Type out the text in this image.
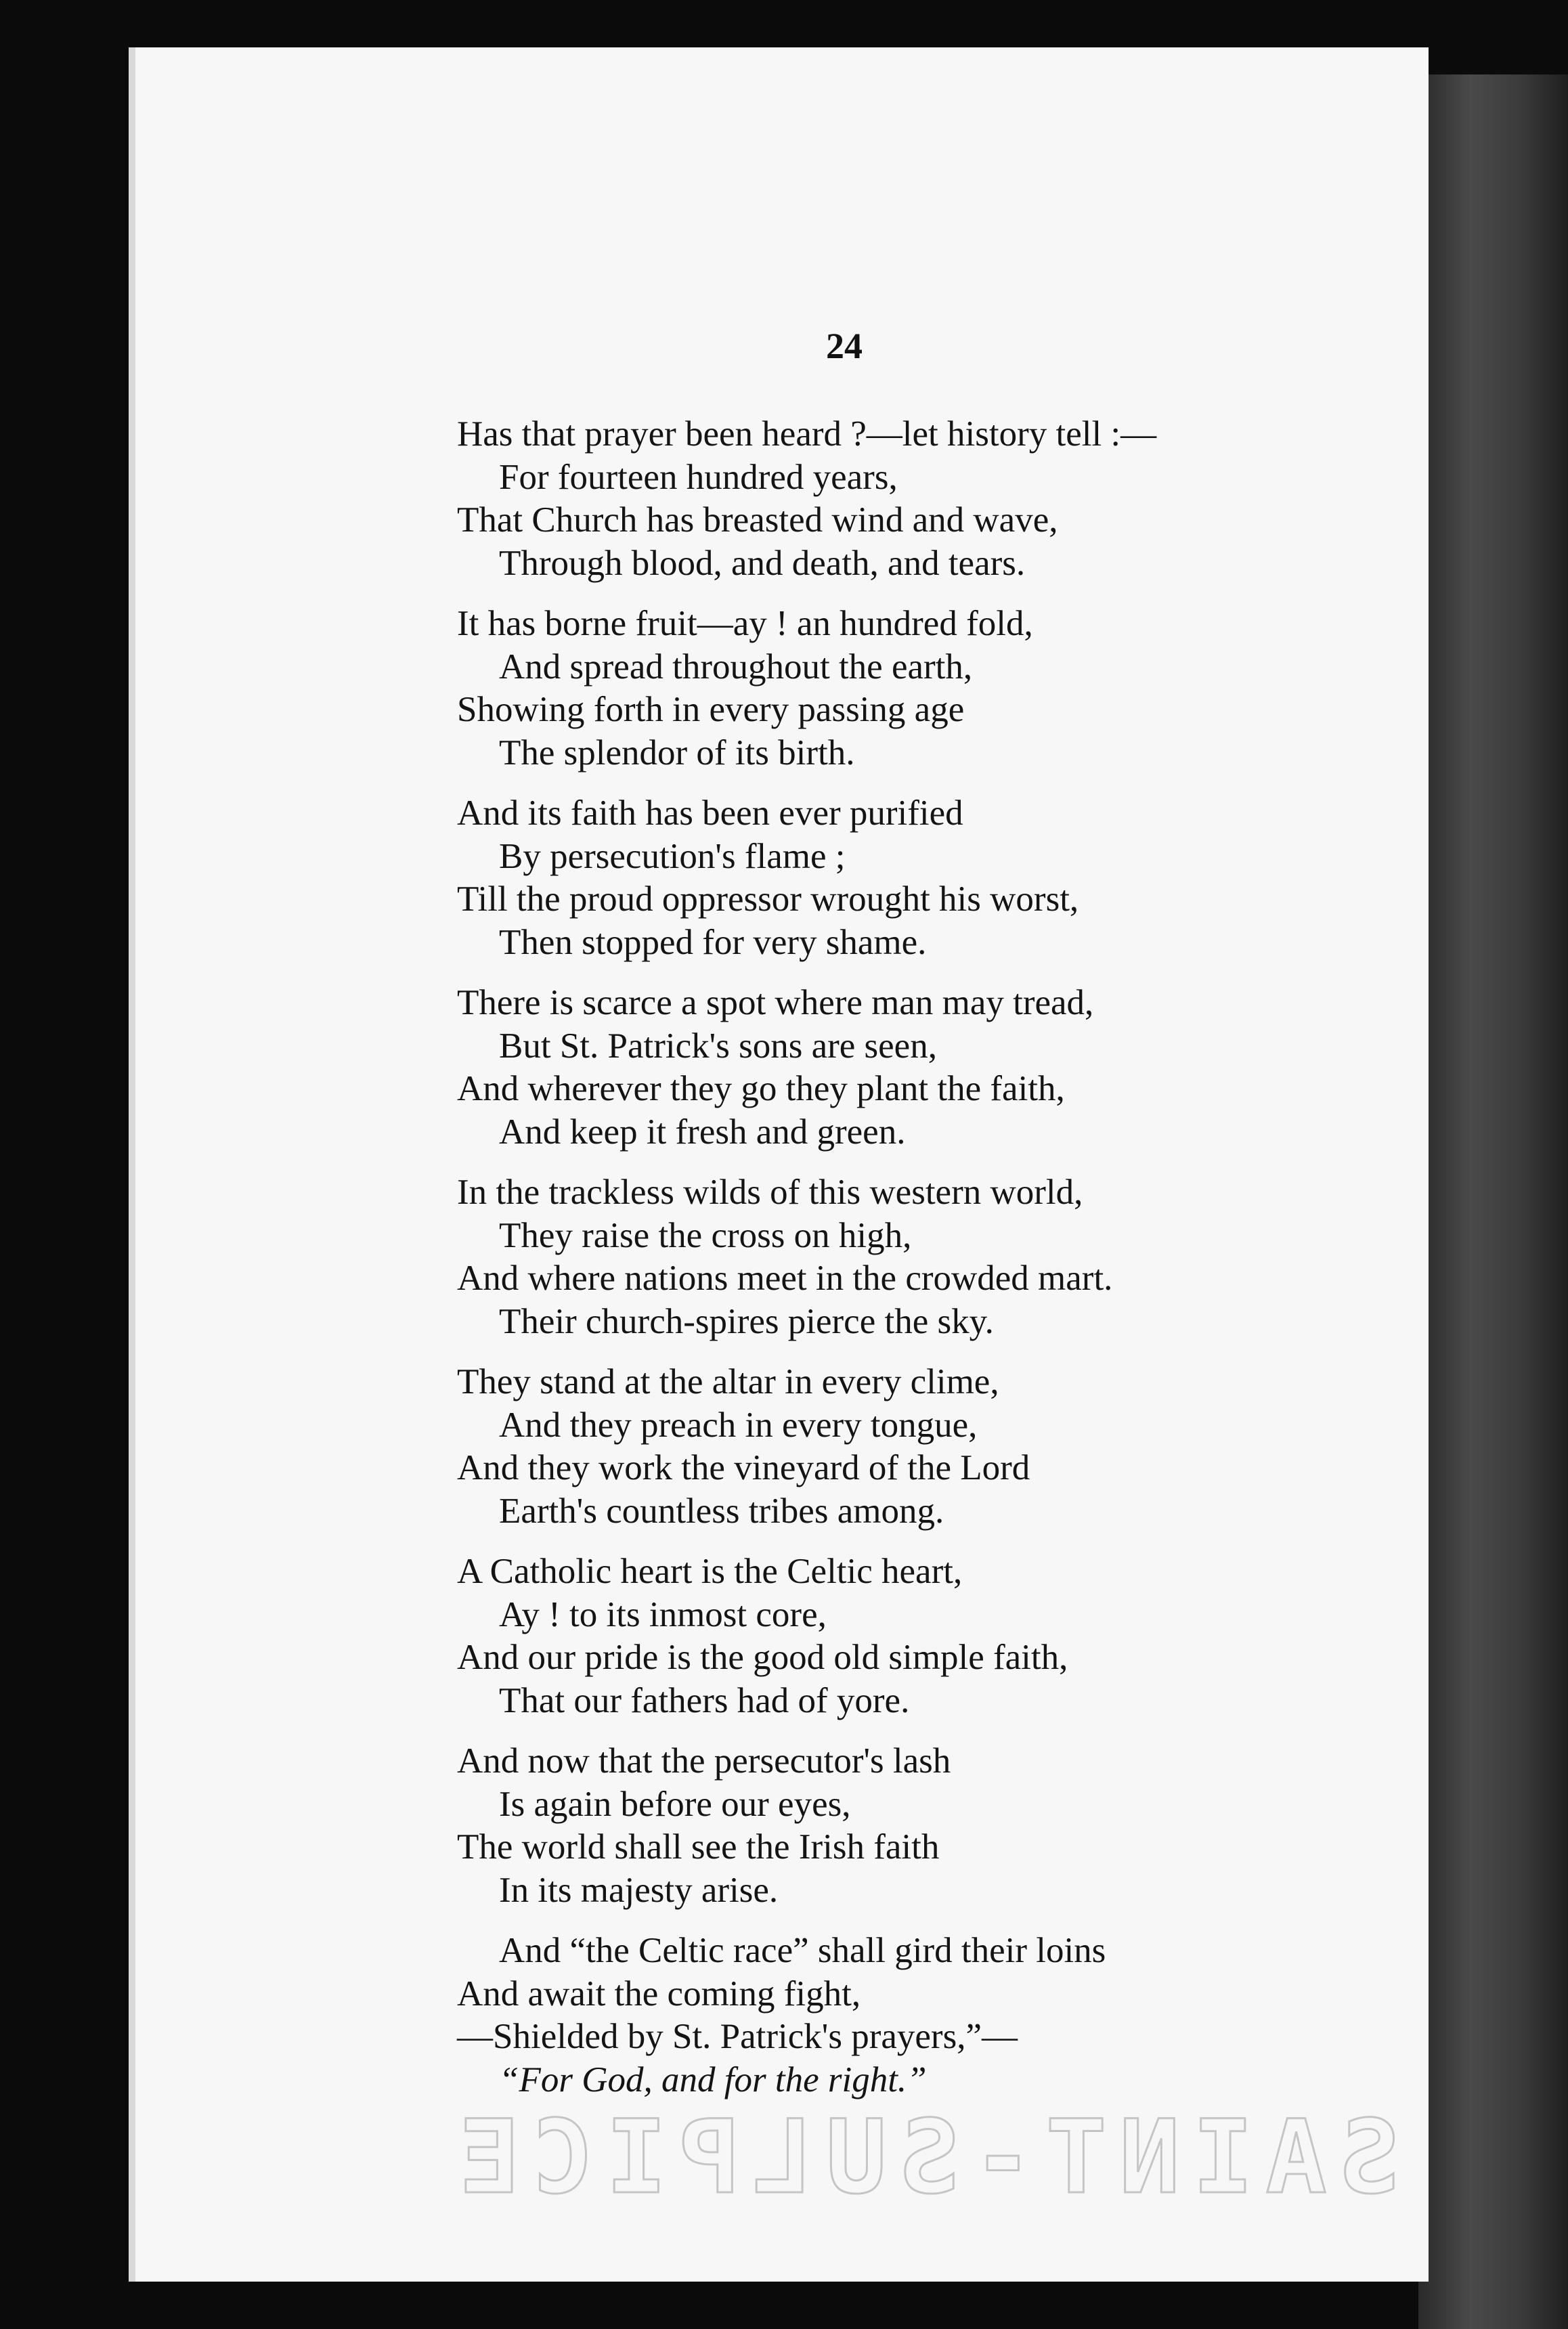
24
Has that prayer been heard ?—let history tell :—
For fourteen hundred years,
That Church has breasted wind and wave,
Through blood, and death, and tears.
It has borne fruit—ay ! an hundred fold,
And spread throughout the earth,
Showing forth in every passing age
The splendor of its birth.
And its faith has been ever purified
By persecution's flame ;
Till the proud oppressor wrought his worst,
Then stopped for very shame.
There is scarce a spot where man may tread,
But St. Patrick's sons are seen,
And wherever they go they plant the faith,
And keep it fresh and green.
In the trackless wilds of this western world,
They raise the cross on high,
And where nations meet in the crowded mart.
Their church-spires pierce the sky.
They stand at the altar in every clime,
And they preach in every tongue,
And they work the vineyard of the Lord
Earth's countless tribes among.
A Catholic heart is the Celtic heart,
Ay ! to its inmost core,
And our pride is the good old simple faith,
That our fathers had of yore.
And now that the persecutor's lash
Is again before our eyes,
The world shall see the Irish faith
In its majesty arise.
And “the Celtic race” shall gird their loins
And await the coming fight,
—Shielded by St. Patrick's prayers,”—
“For God, and for the right.”
SAINT-SULPICE
